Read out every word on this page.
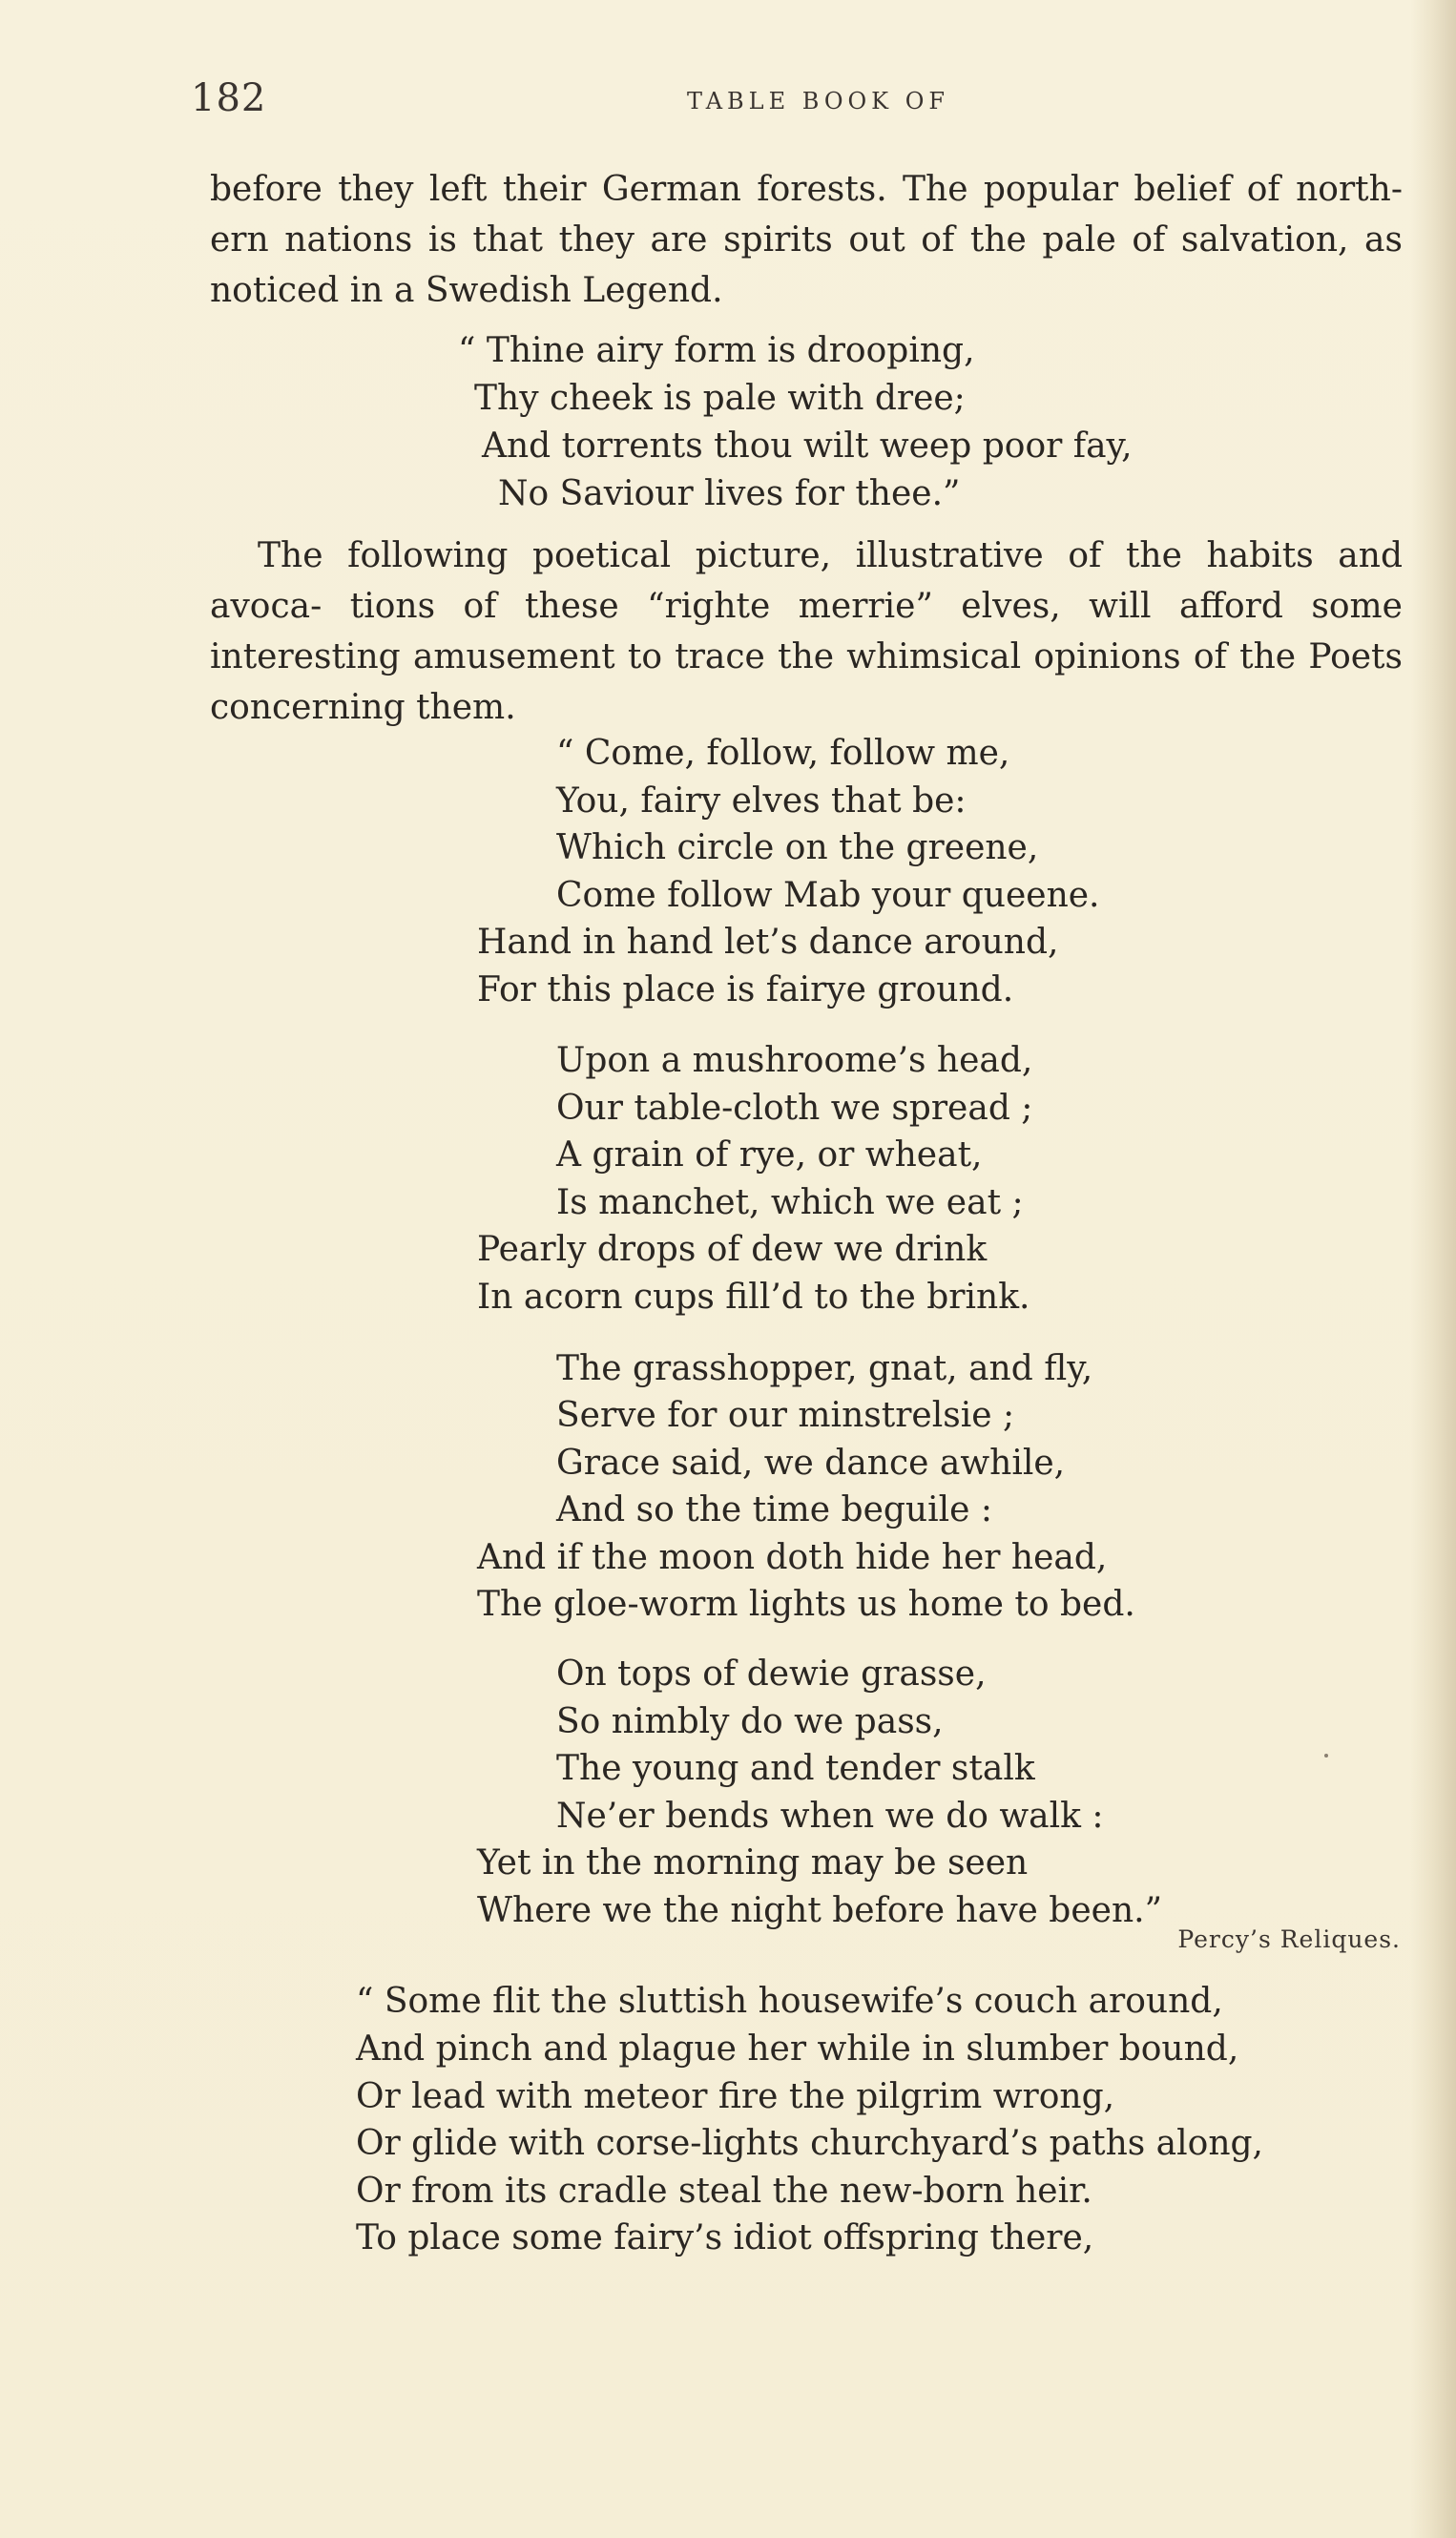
182	TABLE BOOK OF

before they left their German forests. The popular belief of north- ern nations is that they are spirits out of the pale of salvation, as noticed in a Swedish Legend.

“ Thine airy form is drooping,
Thy cheek is pale with dree;
And torrents thou wilt weep poor fay,
No Saviour lives for thee.”

The following poetical picture, illustrative of the habits and avoca- tions of these “righte merrie” elves, will afford some interesting amusement to trace the whimsical opinions of the Poets concerning them.

“ Come, follow, follow me,
You, fairy elves that be:
Which circle on the greene,
Come follow Mab your queene.
Hand in hand let’s dance around,
For this place is fairye ground.
Upon a mushroome’s head,
Our table-cloth we spread ;
A grain of rye, or wheat,
Is manchet, which we eat ;
Pearly drops of dew we drink
In acorn cups fill’d to the brink.
The grasshopper, gnat, and fly,
Serve for our minstrelsie ;
Grace said, we dance awhile,
And so the time beguile :
And if the moon doth hide her head,
The gloe-worm lights us home to bed.
On tops of dewie grasse,
So nimbly do we pass,
The young and tender stalk
Ne’er bends when we do walk :
Yet in the morning may be seen
Where we the night before have been.”
Percy’s Reliques.
“ Some flit the sluttish housewife’s couch around,
And pinch and plague her while in slumber bound,
Or lead with meteor fire the pilgrim wrong,
Or glide with corse-lights churchyard’s paths along,
Or from its cradle steal the new-born heir.
To place some fairy’s idiot offspring there,
